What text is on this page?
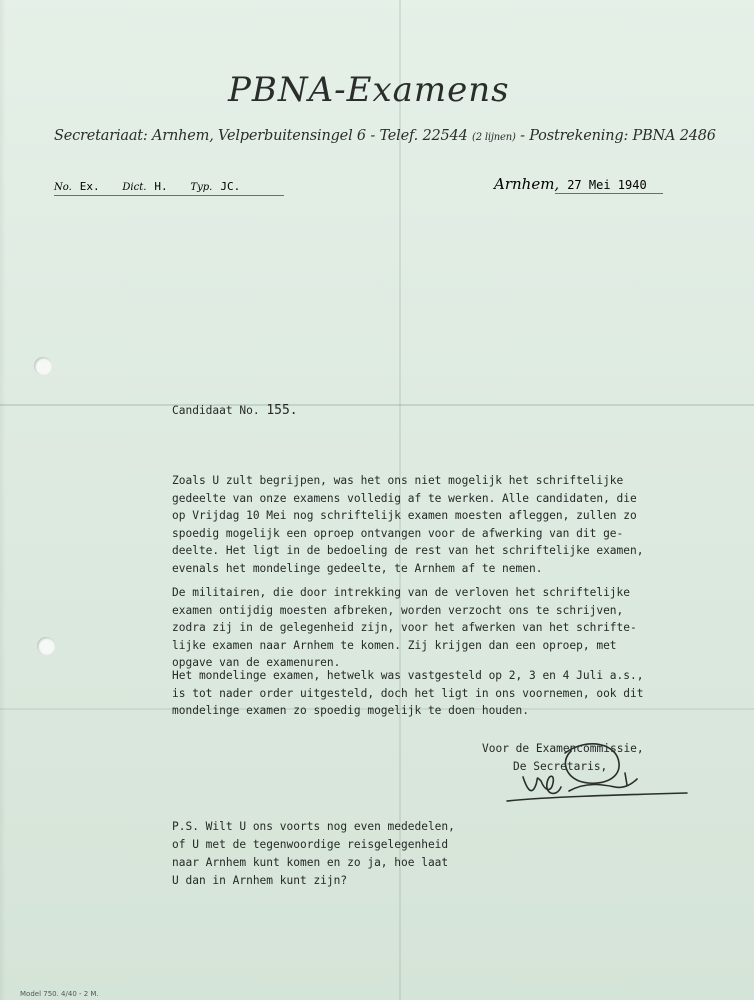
PBNA-Examens
Secretariaat: Arnhem, Velperbuitensingel 6 - Telef. 22544 (2 lijnen) - Postrekening: PBNA 2486
No. Ex. Dict. H. Typ. JC.	Arnhem, 27 Mei 1940
Candidaat No. 155.
Zoals U zult begrijpen, was het ons niet mogelijk het schriftelijke
gedeelte van onze examens volledig af te werken. Alle candidaten, die
op Vrijdag 10 Mei nog schriftelijk examen moesten afleggen, zullen zo
spoedig mogelijk een oproep ontvangen voor de afwerking van dit ge-
deelte. Het ligt in de bedoeling de rest van het schriftelijke examen,
evenals het mondelinge gedeelte, te Arnhem af te nemen.
De militairen, die door intrekking van de verloven het schriftelijke
examen ontijdig moesten afbreken, worden verzocht ons te schrijven,
zodra zij in de gelegenheid zijn, voor het afwerken van het schrifte-
lijke examen naar Arnhem te komen. Zij krijgen dan een oproep, met
opgave van de examenuren.
Het mondelinge examen, hetwelk was vastgesteld op 2, 3 en 4 Juli a.s.,
is tot nader order uitgesteld, doch het ligt in ons voornemen, ook dit
mondelinge examen zo spoedig mogelijk te doen houden.
Voor de Examencommissie,
De Secretaris,
P.S. Wilt U ons voorts nog even mededelen,
of U met de tegenwoordige reisgelegenheid
naar Arnhem kunt komen en zo ja, hoe laat
U dan in Arnhem kunt zijn?
Model 750. 4/40 - 2 M.
